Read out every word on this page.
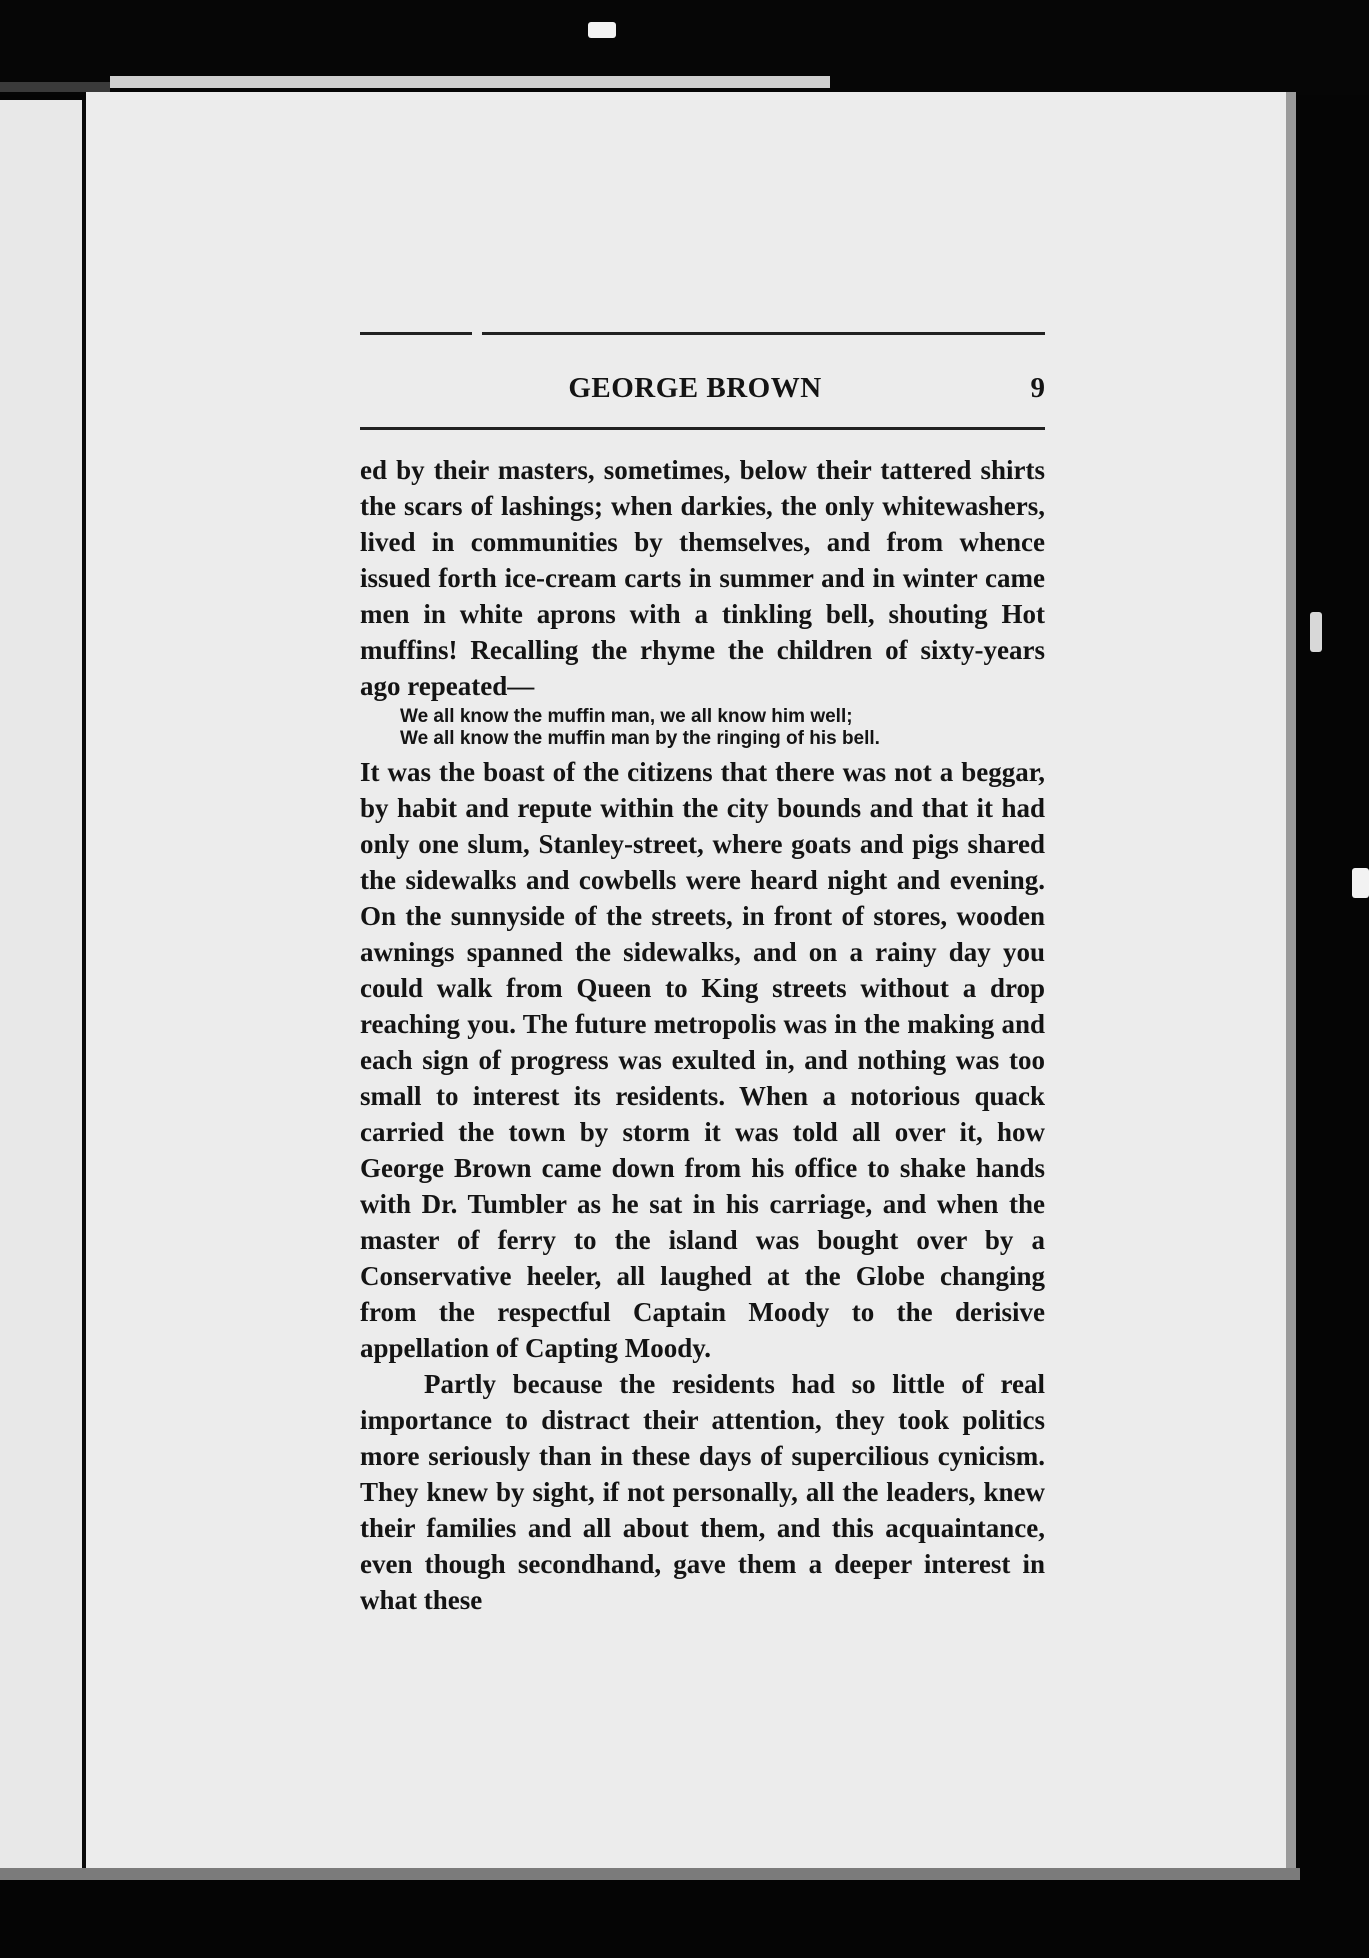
GEORGE BROWN	9

ed by their masters, sometimes, below their tattered shirts the scars of lashings; when darkies, the only whitewashers, lived in communities by themselves, and from whence issued forth ice-cream carts in summer and in winter came men in white aprons with a tinkling bell, shouting Hot muffins! Recalling the rhyme the children of sixty-years ago repeated—

We all know the muffin man, we all know him well;
We all know the muffin man by the ringing of his bell.

It was the boast of the citizens that there was not a beggar, by habit and repute within the city bounds and that it had only one slum, Stanley-street, where goats and pigs shared the sidewalks and cowbells were heard night and evening. On the sunnyside of the streets, in front of stores, wooden awnings spanned the sidewalks, and on a rainy day you could walk from Queen to King streets without a drop reaching you. The future metropolis was in the making and each sign of progress was exulted in, and nothing was too small to interest its residents. When a notorious quack carried the town by storm it was told all over it, how George Brown came down from his office to shake hands with Dr. Tumbler as he sat in his carriage, and when the master of ferry to the island was bought over by a Conservative heeler, all laughed at the Globe changing from the respectful Captain Moody to the derisive appellation of Capting Moody.

Partly because the residents had so little of real importance to distract their attention, they took politics more seriously than in these days of supercilious cynicism. They knew by sight, if not personally, all the leaders, knew their families and all about them, and this acquaintance, even though secondhand, gave them a deeper interest in what these
